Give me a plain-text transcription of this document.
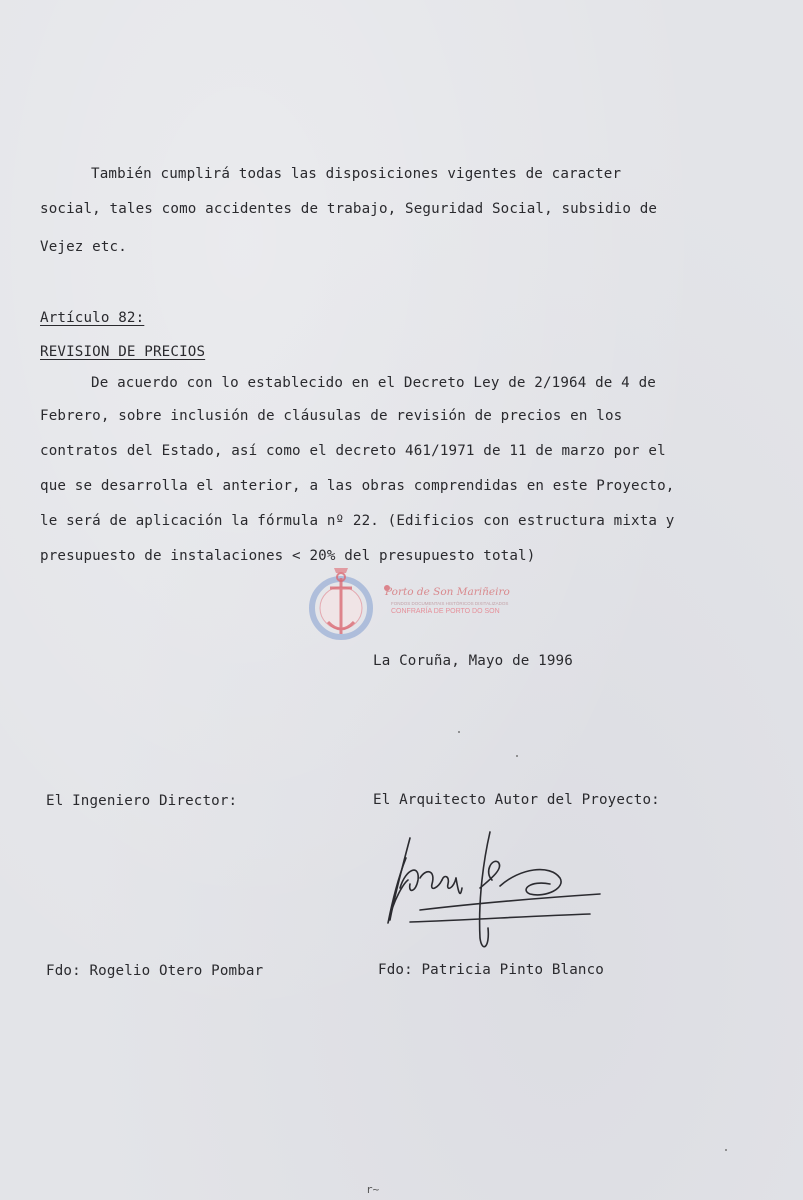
También cumplirá todas las disposiciones vigentes de caracter
social, tales como accidentes de trabajo, Seguridad Social, subsidio de
Vejez etc.
Artículo 82:
REVISION DE PRECIOS
De acuerdo con lo establecido en el Decreto Ley de 2/1964 de 4 de
Febrero, sobre inclusión de cláusulas de revisión de precios en los
contratos del Estado, así como el decreto 461/1971 de 11 de marzo por el
que se desarrolla el anterior, a las obras comprendidas en este Proyecto,
le será de aplicación la fórmula nº 22. (Edificios con estructura mixta y
presupuesto de instalaciones < 20% del presupuesto total)
Porto de Son Mariñeiro
FONDOS DOCUMENTAIS HISTÓRICOS DIXITALIZADOS
CONFRARÍA DE PORTO DO SON
La Coruña, Mayo de 1996
El Ingeniero Director:	El Arquitecto Autor del Proyecto:
Fdo: Rogelio Otero Pombar	Fdo: Patricia Pinto Blanco
r~
